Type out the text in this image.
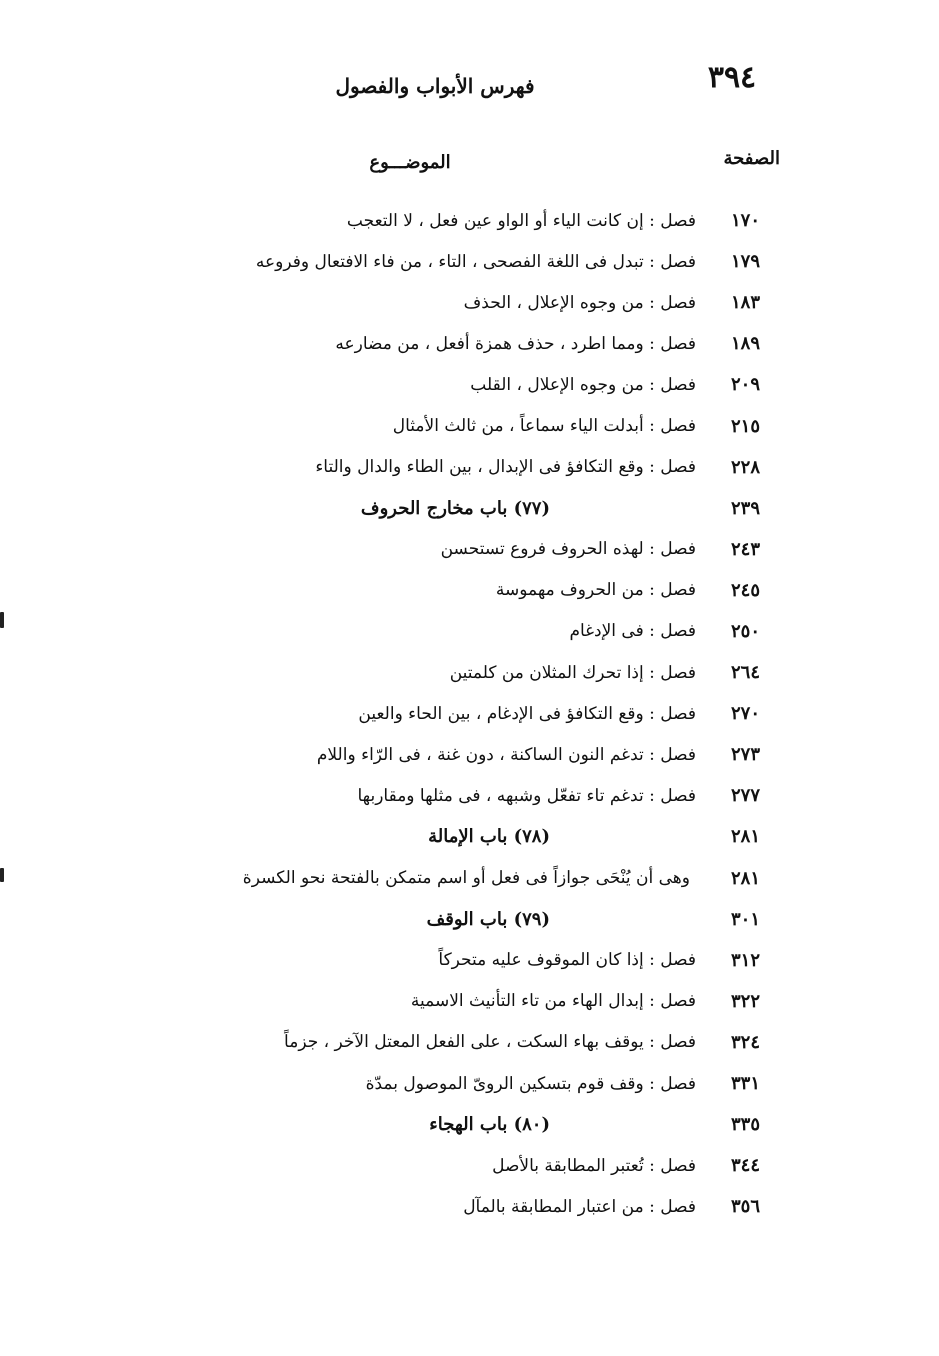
٣٩٤
فهرس الأبواب والفصول
الصفحة
الموضـــوع
١٧٠
فصل : إن كانت الياء أو الواو عين فعل ، لا التعجب
١٧٩
فصل : تبدل فى اللغة الفصحى ، التاء ، من فاء الافتعال وفروعه
١٨٣
فصل : من وجوه الإعلال ، الحذف
١٨٩
فصل : ومما اطرد ، حذف همزة أفعل ، من مضارعه
٢٠٩
فصل : من وجوه الإعلال ، القلب
٢١٥
فصل : أبدلت الياء سماعاً ، من ثالث الأمثال
٢٢٨
فصل : وقع التكافؤ فى الإبدال ، بين الطاء والدال والتاء
٢٣٩
(٧٧) باب مخارج الحروف
٢٤٣
فصل : لهذه الحروف فروع تستحسن
٢٤٥
فصل : من الحروف مهموسة
٢٥٠
فصل : فى الإدغام
٢٦٤
فصل : إذا تحرك المثلان من كلمتين
٢٧٠
فصل : وقع التكافؤ فى الإدغام ، بين الحاء والعين
٢٧٣
فصل : تدغم النون الساكنة ، دون غنة ، فى الرّاء واللام
٢٧٧
فصل : تدغم تاء تفعّل وشبهه ، فى مثلها ومقاربها
٢٨١
(٧٨) باب الإمالة
٢٨١
وهى أن يُنْحَى جوازاً فى فعل أو اسم متمكن بالفتحة نحو الكسرة
٣٠١
(٧٩) باب الوقف
٣١٢
فصل : إذا كان الموقوف عليه متحركاً
٣٢٢
فصل : إبدال الهاء من تاء التأنيث الاسمية
٣٢٤
فصل : يوقف بهاء السكت ، على الفعل المعتل الآخر ، جزماً
٣٣١
فصل : وقف قوم بتسكين الروىّ الموصول بمدّة
٣٣٥
(٨٠) باب الهجاء
٣٤٤
فصل : تُعتبر المطابقة بالأصل
٣٥٦
فصل : من اعتبار المطابقة بالمآل
